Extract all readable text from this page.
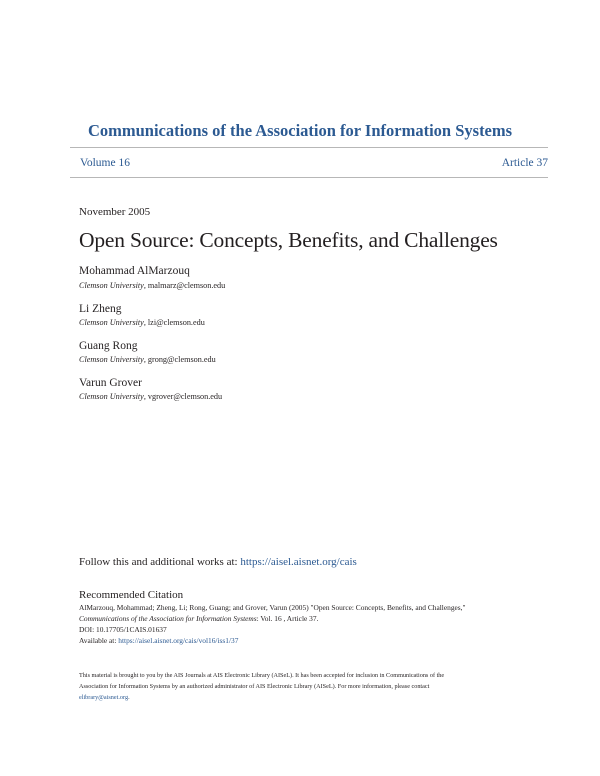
Communications of the Association for Information Systems
Volume 16	Article 37
November 2005
Open Source: Concepts, Benefits, and Challenges
Mohammad AlMarzouq
Clemson University, malmarz@clemson.edu
Li Zheng
Clemson University, lzi@clemson.edu
Guang Rong
Clemson University, grong@clemson.edu
Varun Grover
Clemson University, vgrover@clemson.edu
Follow this and additional works at: https://aisel.aisnet.org/cais
Recommended Citation
AlMarzouq, Mohammad; Zheng, Li; Rong, Guang; and Grover, Varun (2005) "Open Source: Concepts, Benefits, and Challenges,"
Communications of the Association for Information Systems: Vol. 16 , Article 37.
DOI: 10.17705/1CAIS.01637
Available at: https://aisel.aisnet.org/cais/vol16/iss1/37
This material is brought to you by the AIS Journals at AIS Electronic Library (AISeL). It has been accepted for inclusion in Communications of the
Association for Information Systems by an authorized administrator of AIS Electronic Library (AISeL). For more information, please contact
elibrary@aisnet.org.
